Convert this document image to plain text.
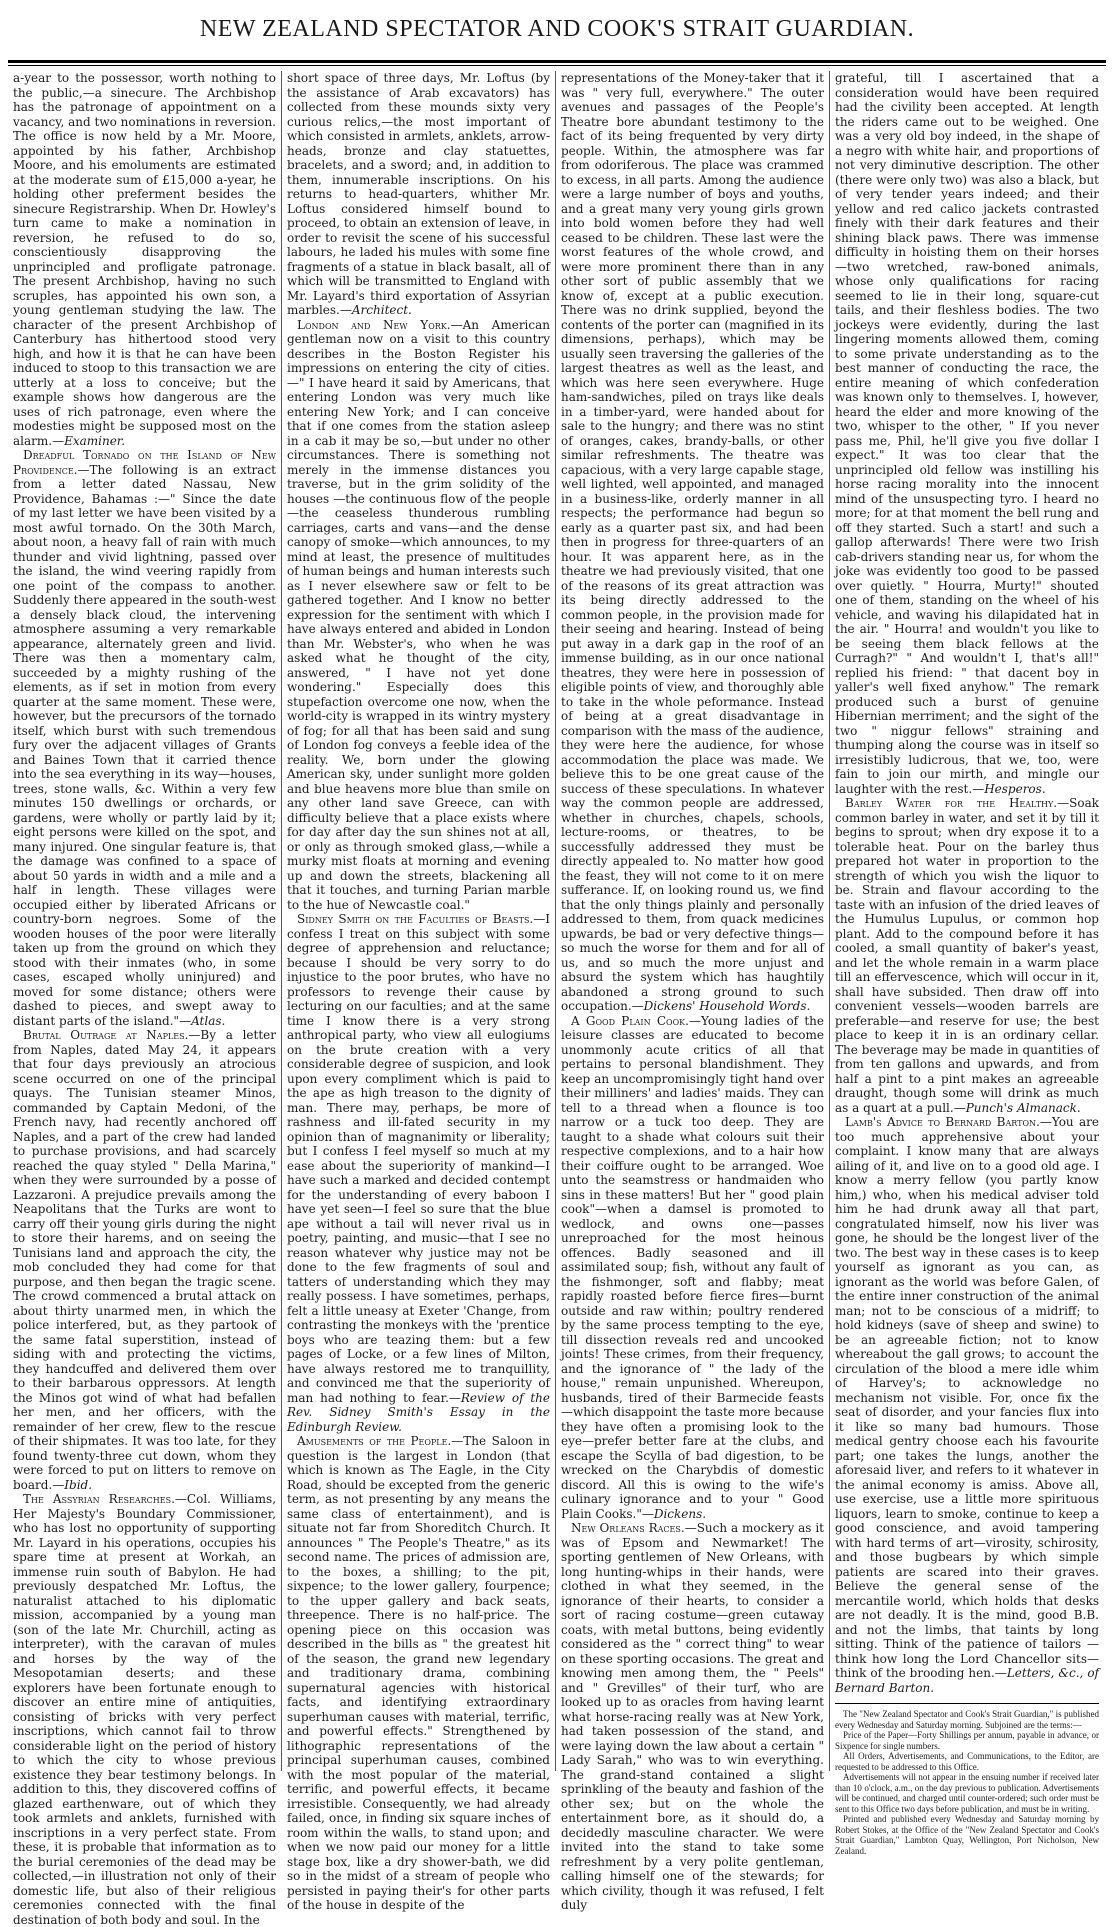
NEW ZEALAND SPECTATOR AND COOK'S STRAIT GUARDIAN.

a-year to the possessor, worth nothing to the public,—a sinecure. The Archbishop has the patronage of appointment on a vacancy, and two nominations in reversion. The office is now held by a Mr. Moore, appointed by his father, Archbishop Moore, and his emoluments are estimated at the moderate sum of £15,000 a-year, he holding other preferment besides the sinecure Registrarship. When Dr. Howley's turn came to make a nomination in reversion, he refused to do so, conscientiously disapproving the unprincipled and profligate patronage. The present Archbishop, having no such scruples, has appointed his own son, a young gentleman studying the law. The character of the present Archbishop of Canterbury has hithertood stood very high, and how it is that he can have been induced to stoop to this transaction we are utterly at a loss to conceive; but the example shows how dangerous are the uses of rich patronage, even where the modesties might be supposed most on the alarm.—Examiner.

Dreadful Tornado on the Island of New Providence.—The following is an extract from a letter dated Nassau, New Providence, Bahamas :—" Since the date of my last letter we have been visited by a most awful tornado. On the 30th March, about noon, a heavy fall of rain with much thunder and vivid lightning, passed over the island, the wind veering rapidly from one point of the compass to another. Suddenly there appeared in the south-west a densely black cloud, the intervening atmosphere assuming a very remarkable appearance, alternately green and livid. There was then a momentary calm, succeeded by a mighty rushing of the elements, as if set in motion from every quarter at the same moment. These were, however, but the precursors of the tornado itself, which burst with such tremendous fury over the adjacent villages of Grants and Baines Town that it carried thence into the sea everything in its way—houses, trees, stone walls, &c. Within a very few minutes 150 dwellings or orchards, or gardens, were wholly or partly laid by it; eight persons were killed on the spot, and many injured. One singular feature is, that the damage was confined to a space of about 50 yards in width and a mile and a half in length. These villages were occupied either by liberated Africans or country-born negroes. Some of the wooden houses of the poor were literally taken up from the ground on which they stood with their inmates (who, in some cases, escaped wholly uninjured) and moved for some distance; others were dashed to pieces, and swept away to distant parts of the island."—Atlas.

Brutal Outrage at Naples.—By a letter from Naples, dated May 24, it appears that four days previously an atrocious scene occurred on one of the principal quays. The Tunisian steamer Minos, commanded by Captain Medoni, of the French navy, had recently anchored off Naples, and a part of the crew had landed to purchase provisions, and had scarcely reached the quay styled " Della Marina," when they were surrounded by a posse of Lazzaroni. A prejudice prevails among the Neapolitans that the Turks are wont to carry off their young girls during the night to store their harems, and on seeing the Tunisians land and approach the city, the mob concluded they had come for that purpose, and then began the tragic scene. The crowd commenced a brutal attack on about thirty unarmed men, in which the police interfered, but, as they partook of the same fatal superstition, instead of siding with and protecting the victims, they handcuffed and delivered them over to their barbarous oppressors. At length the Minos got wind of what had befallen her men, and her officers, with the remainder of her crew, flew to the rescue of their shipmates. It was too late, for they found twenty-three cut down, whom they were forced to put on litters to remove on board.—Ibid.

The Assyrian Researches.—Col. Williams, Her Majesty's Boundary Commissioner, who has lost no opportunity of supporting Mr. Layard in his operations, occupies his spare time at present at Workah, an immense ruin south of Babylon. He had previously despatched Mr. Loftus, the naturalist attached to his diplomatic mission, accompanied by a young man (son of the late Mr. Churchill, acting as interpreter), with the caravan of mules and horses by the way of the Mesopotamian deserts; and these explorers have been fortunate enough to discover an entire mine of antiquities, consisting of bricks with very perfect inscriptions, which cannot fail to throw considerable light on the period of history to which the city to whose previous existence they bear testimony belongs. In addition to this, they discovered coffins of glazed earthenware, out of which they took armlets and anklets, furnished with inscriptions in a very perfect state. From these, it is probable that information as to the burial ceremonies of the dead may be collected,—in illustration not only of their domestic life, but also of their religious ceremonies connected with the final destination of both body and soul. In the

short space of three days, Mr. Loftus (by the assistance of Arab excavators) has collected from these mounds sixty very curious relics,—the most important of which consisted in armlets, anklets, arrow-heads, bronze and clay statuettes, bracelets, and a sword; and, in addition to them, innumerable inscriptions. On his returns to head-quarters, whither Mr. Loftus considered himself bound to proceed, to obtain an extension of leave, in order to revisit the scene of his successful labours, he laded his mules with some fine fragments of a statue in black basalt, all of which will be transmitted to England with Mr. Layard's third exportation of Assyrian marbles.—Architect.

London and New York.—An American gentleman now on a visit to this country describes in the Boston Register his impressions on entering the city of cities.—" I have heard it said by Americans, that entering London was very much like entering New York; and I can conceive that if one comes from the station asleep in a cab it may be so,—but under no other circumstances. There is something not merely in the immense distances you traverse, but in the grim solidity of the houses —the continuous flow of the people—the ceaseless thunderous rumbling carriages, carts and vans—and the dense canopy of smoke—which announces, to my mind at least, the presence of multitudes of human beings and human interests such as I never elsewhere saw or felt to be gathered together. And I know no better expression for the sentiment with which I have always entered and abided in London than Mr. Webster's, who when he was asked what he thought of the city, answered, " I have not yet done wondering." Especially does this stupefaction overcome one now, when the world-city is wrapped in its wintry mystery of fog; for all that has been said and sung of London fog conveys a feeble idea of the reality. We, born under the glowing American sky, under sunlight more golden and blue heavens more blue than smile on any other land save Greece, can with difficulty believe that a place exists where for day after day the sun shines not at all, or only as through smoked glass,—while a murky mist floats at morning and evening up and down the streets, blackening all that it touches, and turning Parian marble to the hue of Newcastle coal."

Sidney Smith on the Faculties of Beasts.—I confess I treat on this subject with some degree of apprehension and reluctance; because I should be very sorry to do injustice to the poor brutes, who have no professors to revenge their cause by lecturing on our faculties; and at the same time I know there is a very strong anthropical party, who view all eulogiums on the brute creation with a very considerable degree of suspicion, and look upon every compliment which is paid to the ape as high treason to the dignity of man. There may, perhaps, be more of rashness and ill-fated security in my opinion than of magnanimity or liberality; but I confess I feel myself so much at my ease about the superiority of mankind—I have such a marked and decided contempt for the understanding of every baboon I have yet seen—I feel so sure that the blue ape without a tail will never rival us in poetry, painting, and music—that I see no reason whatever why justice may not be done to the few fragments of soul and tatters of understanding which they may really possess. I have sometimes, perhaps, felt a little uneasy at Exeter 'Change, from contrasting the monkeys with the 'prentice boys who are teazing them: but a few pages of Locke, or a few lines of Milton, have always restored me to tranquillity, and convinced me that the superiority of man had nothing to fear.—Review of the Rev. Sidney Smith's Essay in the Edinburgh Review.

Amusements of the People.—The Saloon in question is the largest in London (that which is known as The Eagle, in the City Road, should be excepted from the generic term, as not presenting by any means the same class of entertainment), and is situate not far from Shoreditch Church. It announces " The People's Theatre," as its second name. The prices of admission are, to the boxes, a shilling; to the pit, sixpence; to the lower gallery, fourpence; to the upper gallery and back seats, threepence. There is no half-price. The opening piece on this occasion was described in the bills as " the greatest hit of the season, the grand new legendary and traditionary drama, combining supernatural agencies with historical facts, and identifying extraordinary superhuman causes with material, terrific, and powerful effects." Strengthened by lithographic representations of the principal superhuman causes, combined with the most popular of the material, terrific, and powerful effects, it became irresistible. Consequently, we had already failed, once, in finding six square inches of room within the walls, to stand upon; and when we now paid our money for a little stage box, like a dry shower-bath, we did so in the midst of a stream of people who persisted in paying their's for other parts of the house in despite of the

representations of the Money-taker that it was " very full, everywhere." The outer avenues and passages of the People's Theatre bore abundant testimony to the fact of its being frequented by very dirty people. Within, the atmosphere was far from odoriferous. The place was crammed to excess, in all parts. Among the audience were a large number of boys and youths, and a great many very young girls grown into bold women before they had well ceased to be children. These last were the worst features of the whole crowd, and were more prominent there than in any other sort of public assembly that we know of, except at a public execution. There was no drink supplied, beyond the contents of the porter can (magnified in its dimensions, perhaps), which may be usually seen traversing the galleries of the largest theatres as well as the least, and which was here seen everywhere. Huge ham-sandwiches, piled on trays like deals in a timber-yard, were handed about for sale to the hungry; and there was no stint of oranges, cakes, brandy-balls, or other similar refreshments. The theatre was capacious, with a very large capable stage, well lighted, well appointed, and managed in a business-like, orderly manner in all respects; the performance had begun so early as a quarter past six, and had been then in progress for three-quarters of an hour. It was apparent here, as in the theatre we had previously visited, that one of the reasons of its great attraction was its being directly addressed to the common people, in the provision made for their seeing and hearing. Instead of being put away in a dark gap in the roof of an immense building, as in our once national theatres, they were here in possession of eligible points of view, and thoroughly able to take in the whole peformance. Instead of being at a great disadvantage in comparison with the mass of the audience, they were here the audience, for whose accommodation the place was made. We believe this to be one great cause of the success of these speculations. In whatever way the common people are addressed, whether in churches, chapels, schools, lecture-rooms, or theatres, to be successfully addressed they must be directly appealed to. No matter how good the feast, they will not come to it on mere sufferance. If, on looking round us, we find that the only things plainly and personally addressed to them, from quack medicines upwards, be bad or very defective things—so much the worse for them and for all of us, and so much the more unjust and absurd the system which has haughtily abandoned a strong ground to such occupation.—Dickens' Household Words.

A Good Plain Cook.—Young ladies of the leisure classes are educated to become unommonly acute critics of all that pertains to personal blandishment. They keep an uncompromisingly tight hand over their milliners' and ladies' maids. They can tell to a thread when a flounce is too narrow or a tuck too deep. They are taught to a shade what colours suit their respective complexions, and to a hair how their coiffure ought to be arranged. Woe unto the seamstress or handmaiden who sins in these matters! But her " good plain cook"—when a damsel is promoted to wedlock, and owns one—passes unreproached for the most heinous offences. Badly seasoned and ill assimilated soup; fish, without any fault of the fishmonger, soft and flabby; meat rapidly roasted before fierce fires—burnt outside and raw within; poultry rendered by the same process tempting to the eye, till dissection reveals red and uncooked joints! These crimes, from their frequency, and the ignorance of " the lady of the house," remain unpunished. Whereupon, husbands, tired of their Barmecide feasts—which disappoint the taste more because they have often a promising look to the eye—prefer better fare at the clubs, and escape the Scylla of bad digestion, to be wrecked on the Charybdis of domestic discord. All this is owing to the wife's culinary ignorance and to your " Good Plain Cooks."—Dickens.

New Orleans Races.—Such a mockery as it was of Epsom and Newmarket! The sporting gentlemen of New Orleans, with long hunting-whips in their hands, were clothed in what they seemed, in the ignorance of their hearts, to consider a sort of racing costume—green cutaway coats, with metal buttons, being evidently considered as the " correct thing" to wear on these sporting occasions. The great and knowing men among them, the " Peels" and " Grevilles" of their turf, who are looked up to as oracles from having learnt what horse-racing really was at New York, had taken possession of the stand, and were laying down the law about a certain " Lady Sarah," who was to win everything. The grand-stand contained a slight sprinkling of the beauty and fashion of the other sex; but on the whole the entertainment bore, as it should do, a decidedly masculine character. We were invited into the stand to take some refreshment by a very polite gentleman, calling himself one of the stewards; for which civility, though it was refused, I felt duly

grateful, till I ascertained that a consideration would have been required had the civility been accepted. At length the riders came out to be weighed. One was a very old boy indeed, in the shape of a negro with white hair, and proportions of not very diminutive description. The other (there were only two) was also a black, but of very tender years indeed; and their yellow and red calico jackets contrasted finely with their dark features and their shining black paws. There was immense difficulty in hoisting them on their horses—two wretched, raw-boned animals, whose only qualifications for racing seemed to lie in their long, square-cut tails, and their fleshless bodies. The two jockeys were evidently, during the last lingering moments allowed them, coming to some private understanding as to the best manner of conducting the race, the entire meaning of which confederation was known only to themselves. I, however, heard the elder and more knowing of the two, whisper to the other, " If you never pass me, Phil, he'll give you five dollar I expect." It was too clear that the unprincipled old fellow was instilling his horse racing morality into the innocent mind of the unsuspecting tyro. I heard no more; for at that moment the bell rung and off they started. Such a start! and such a gallop afterwards! There were two Irish cab-drivers standing near us, for whom the joke was evidently too good to be passed over quietly. " Hourra, Murty!" shouted one of them, standing on the wheel of his vehicle, and waving his dilapidated hat in the air. " Hourra! and wouldn't you like to be seeing them black fellows at the Curragh?" " And wouldn't I, that's all!" replied his friend: " that dacent boy in yaller's well fixed anyhow." The remark produced such a burst of genuine Hibernian merriment; and the sight of the two " niggur fellows" straining and thumping along the course was in itself so irresistibly ludicrous, that we, too, were fain to join our mirth, and mingle our laughter with the rest.—Hesperos.

Barley Water for the Healthy.—Soak common barley in water, and set it by till it begins to sprout; when dry expose it to a tolerable heat. Pour on the barley thus prepared hot water in proportion to the strength of which you wish the liquor to be. Strain and flavour according to the taste with an infusion of the dried leaves of the Humulus Lupulus, or common hop plant. Add to the compound before it has cooled, a small quantity of baker's yeast, and let the whole remain in a warm place till an effervescence, which will occur in it, shall have subsided. Then draw off into convenient vessels—wooden barrels are preferable—and reserve for use; the best place to keep it in is an ordinary cellar. The beverage may be made in quantities of from ten gallons and upwards, and from half a pint to a pint makes an agreeable draught, though some will drink as much as a quart at a pull.—Punch's Almanack.

Lamb's Advice to Bernard Barton.—You are too much apprehensive about your complaint. I know many that are always ailing of it, and live on to a good old age. I know a merry fellow (you partly know him,) who, when his medical adviser told him he had drunk away all that part, congratulated himself, now his liver was gone, he should be the longest liver of the two. The best way in these cases is to keep yourself as ignorant as you can, as ignorant as the world was before Galen, of the entire inner construction of the animal man; not to be conscious of a midriff; to hold kidneys (save of sheep and swine) to be an agreeable fiction; not to know whereabout the gall grows; to account the circulation of the blood a mere idle whim of Harvey's; to acknowledge no mechanism not visible. For, once fix the seat of disorder, and your fancies flux into it like so many bad humours. Those medical gentry choose each his favourite part; one takes the lungs, another the aforesaid liver, and refers to it whatever in the animal economy is amiss. Above all, use exercise, use a little more spirituous liquors, learn to smoke, continue to keep a good conscience, and avoid tampering with hard terms of art—virosity, schirosity, and those bugbears by which simple patients are scared into their graves. Believe the general sense of the mercantile world, which holds that desks are not deadly. It is the mind, good B.B. and not the limbs, that taints by long sitting. Think of the patience of tailors —think how long the Lord Chancellor sits—think of the brooding hen.—Letters, &c., of Bernard Barton.

The "New Zealand Spectator and Cook's Strait Guardian," is published every Wednesday and Saturday morning. Subjoined are the terms:—

Price of the Paper—Forty Shillings per annum, payable in advance, or Sixpence for single numbers.

All Orders, Advertisements, and Communications, to the Editor, are requested to be addressed to this Office.

Advertisements will not appear in the ensuing number if received later than 10 o'clock, a.m., on the day previous to publication. Advertisements will be continued, and charged until counter-ordered; such order must be sent to this Office two days before publication, and must be in writing.

Printed and published every Wednesday and Saturday morning by Robert Stokes, at the Office of the "New Zealand Spectator and Cook's Strait Guardian," Lambton Quay, Wellington, Port Nicholson, New Zealand.
